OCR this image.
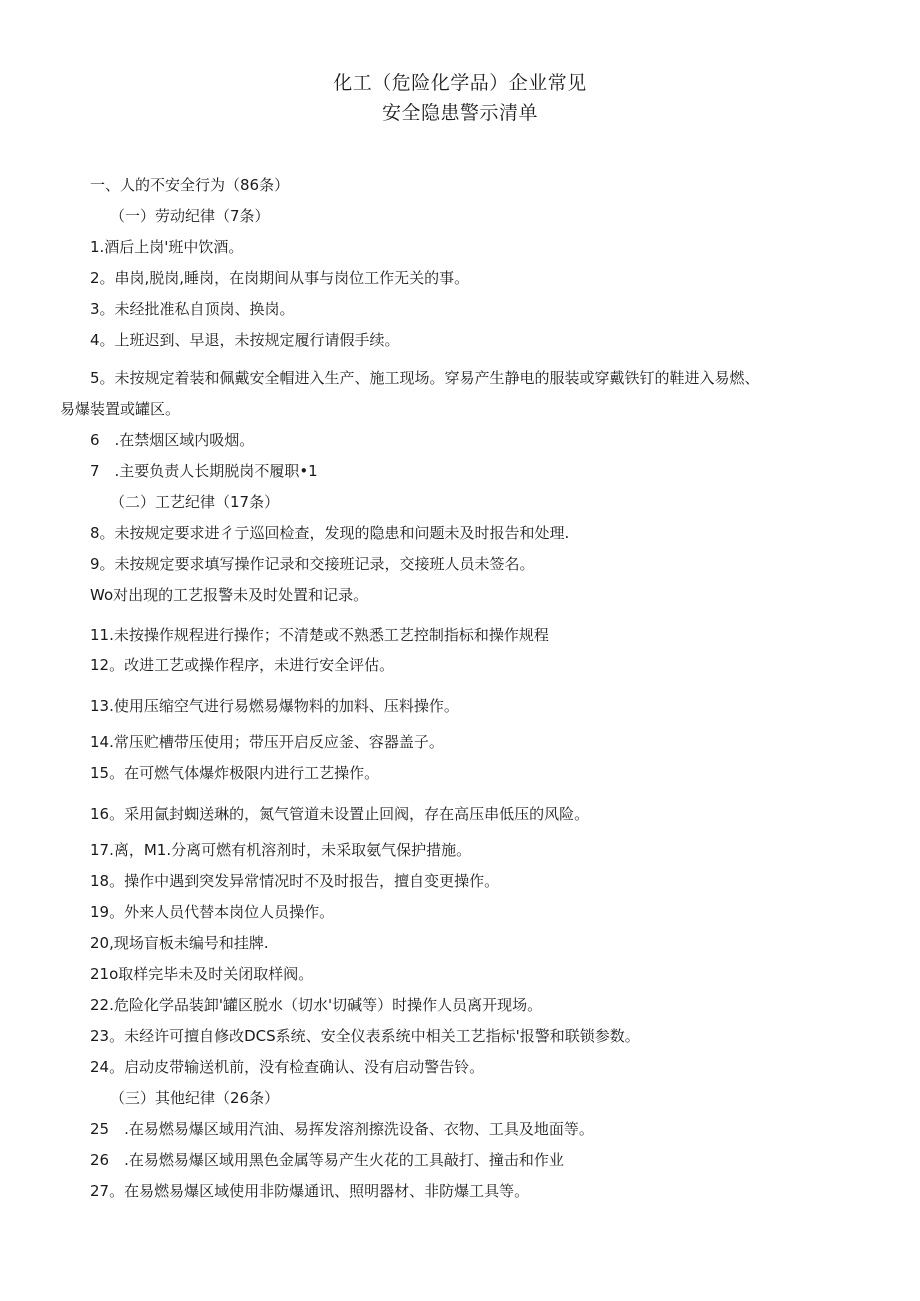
化工（危险化学品）企业常见
安全隐患警示清单
一、人的不安全行为（86条）
（一）劳动纪律（7条）
1.酒后上岗'班中饮酒。
2。串岗,脱岗,睡岗，在岗期间从事与岗位工作无关的事。
3。未经批准私自顶岗、换岗。
4。上班迟到、早退，未按规定履行请假手续。
5。未按规定着装和佩戴安全帽进入生产、施工现场。穿易产生静电的服装或穿戴铁钉的鞋进入易燃、
易爆装置或罐区。
6　.在禁烟区域内吸烟。
7　.主要负责人长期脱岗不履职•1
（二）工艺纪律（17条）
8。未按规定要求进彳亍巡回检查，发现的隐患和问题未及时报告和处理.
9。未按规定要求填写操作记录和交接班记录，交接班人员未签名。
Wo对出现的工艺报警未及时处置和记录。
11.未按操作规程进行操作；不清楚或不熟悉工艺控制指标和操作规程
12。改进工艺或操作程序，未进行安全评估。
13.使用压缩空气进行易燃易爆物料的加料、压料操作。
14.常压贮槽带压使用；带压开启反应釜、容器盖子。
15。在可燃气体爆炸极限内进行工艺操作。
16。采用氤封蜘送琳的，氮气管道未设置止回阀，存在高压串低压的风险。
17.离，M1.分离可燃有机溶剂时，未采取氨气保护措施。
18。操作中遇到突发异常情况时不及时报告，擅自变更操作。
19。外来人员代替本岗位人员操作。
20,现场盲板未编号和挂牌.
21o取样完毕未及时关闭取样阀。
22.危险化学品装卸'罐区脱水（切水'切碱等）时操作人员离开现场。
23。未经许可擅自修改DCS系统、安全仪表系统中相关工艺指标'报警和联锁参数。
24。启动皮带输送机前，没有检查确认、没有启动警告铃。
（三）其他纪律（26条）
25　.在易燃易爆区域用汽油、易挥发溶剂擦洗设备、衣物、工具及地面等。
26　.在易燃易爆区域用黑色金属等易产生火花的工具敲打、撞击和作业
27。在易燃易爆区域使用非防爆通讯、照明器材、非防爆工具等。
